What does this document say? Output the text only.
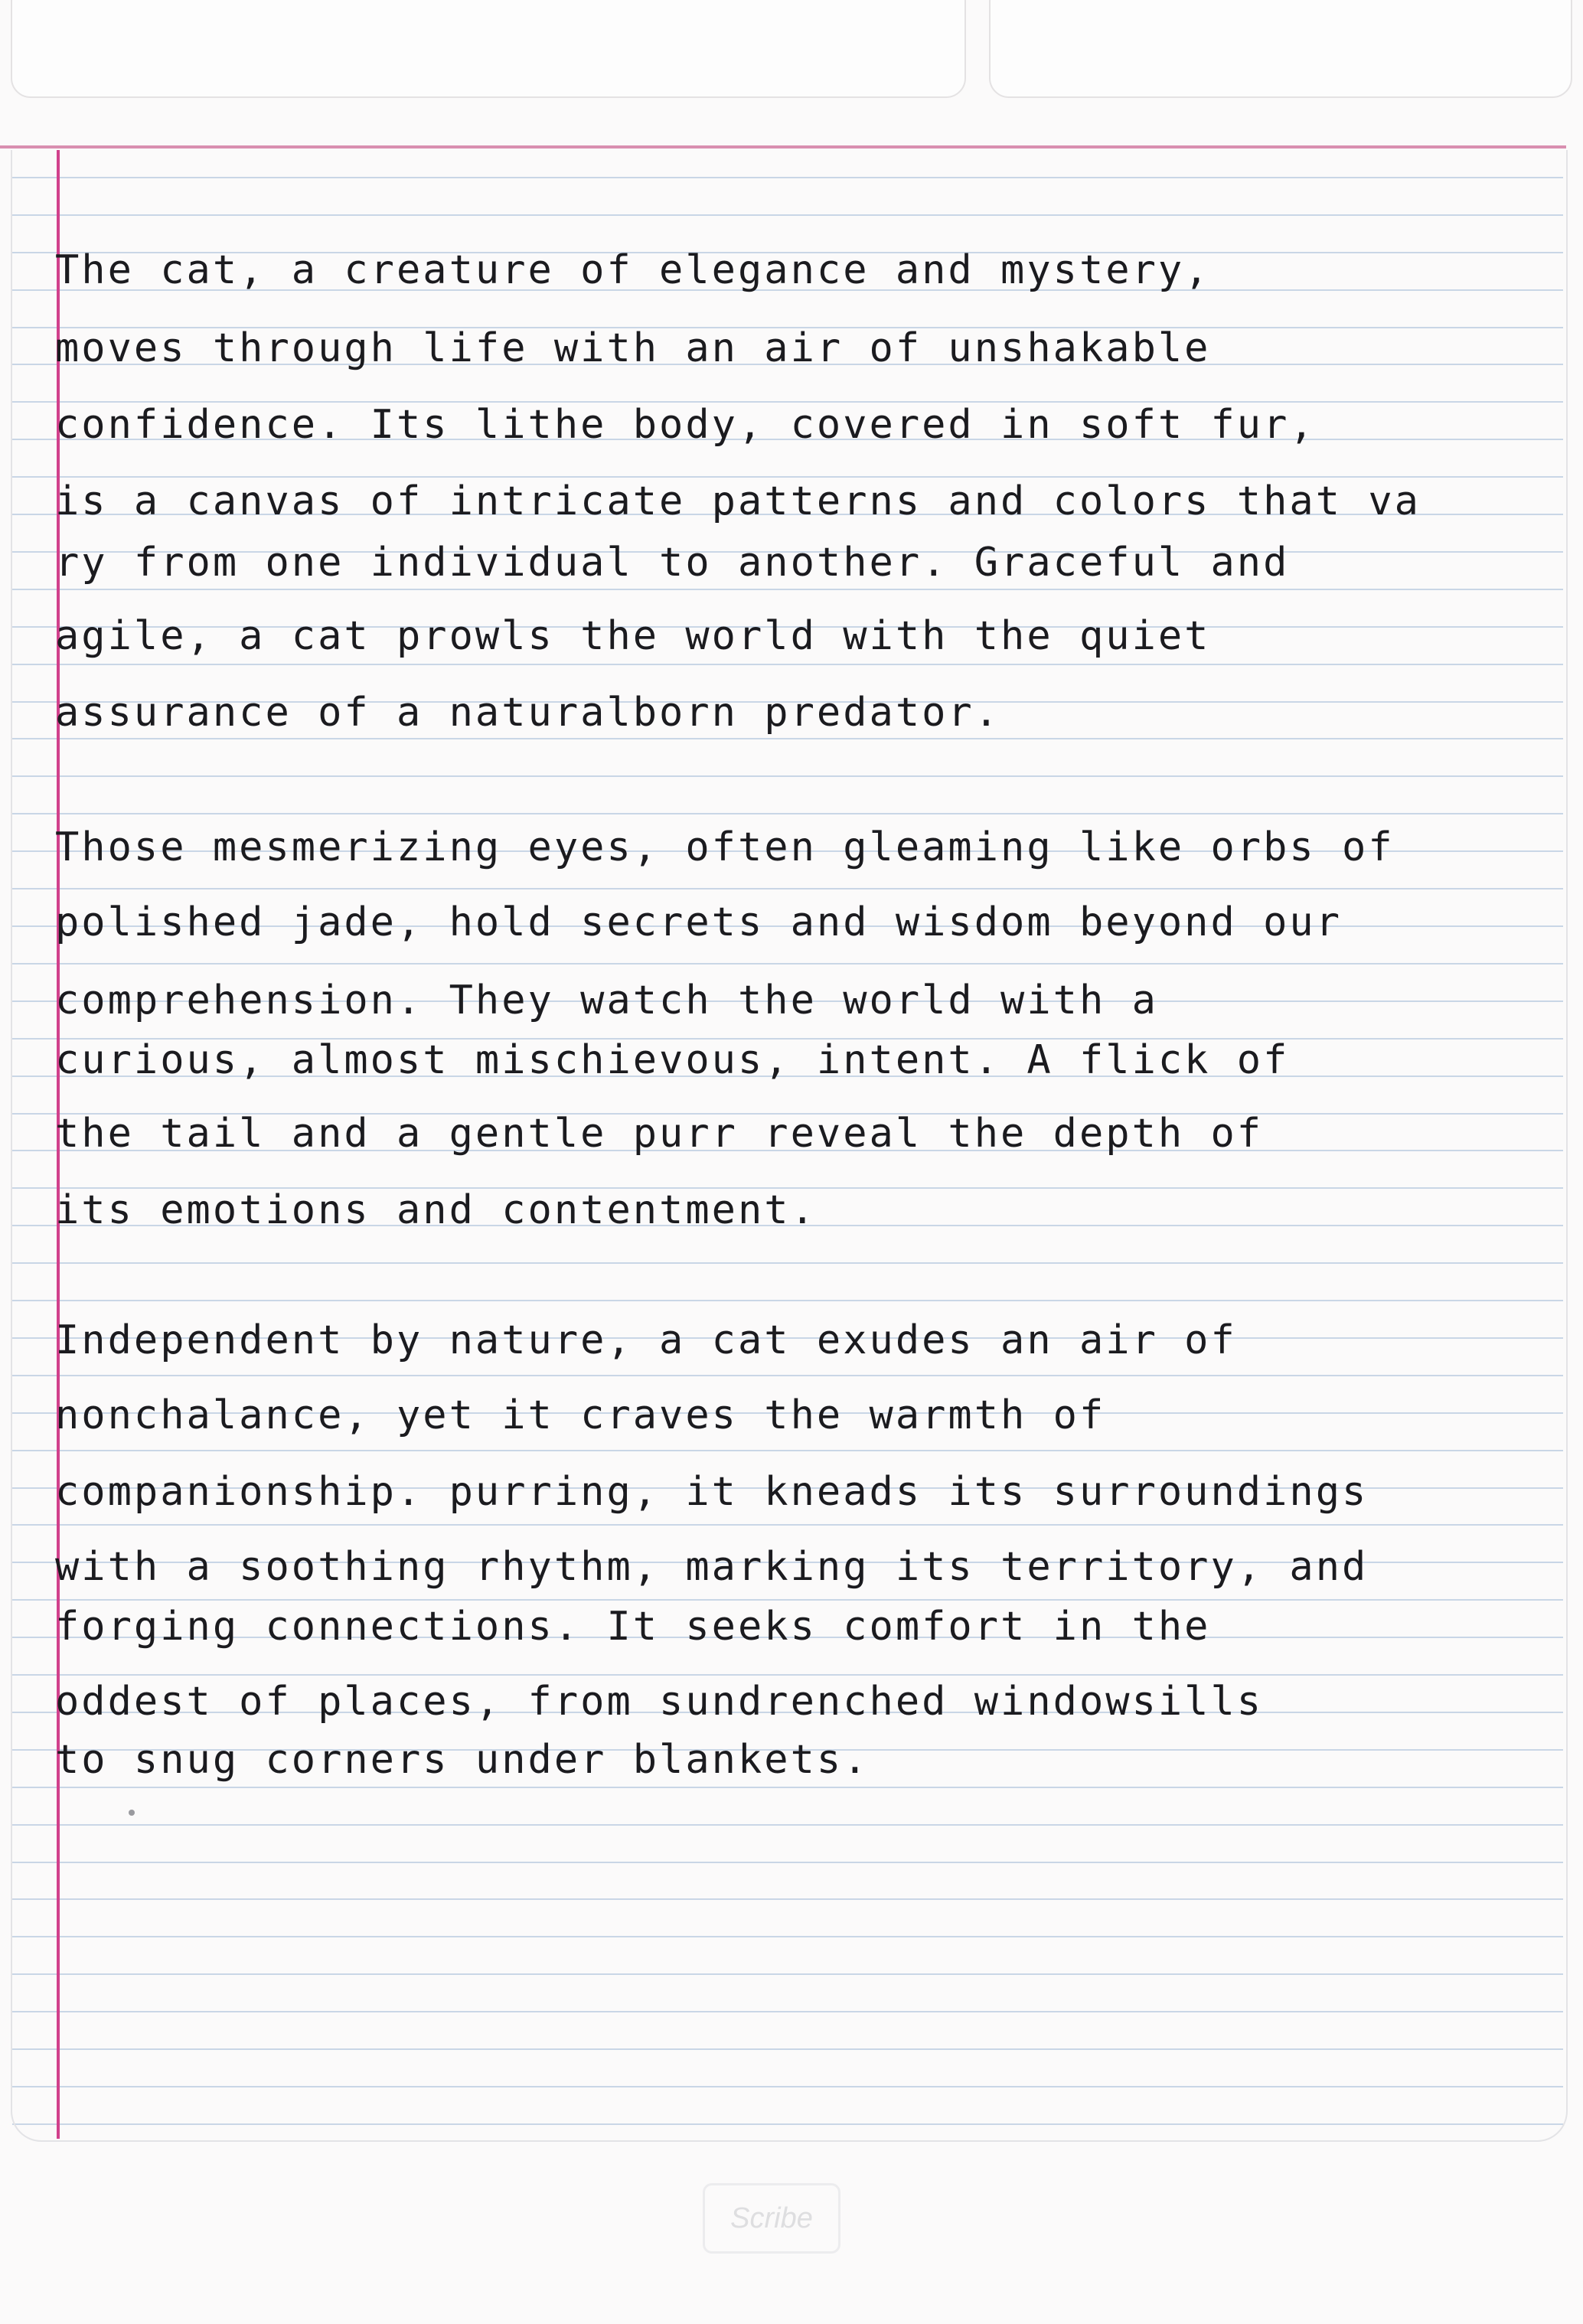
The cat, a creature of elegance and mystery,

moves through life with an air of unshakable

confidence. Its lithe body, covered in soft fur,

is a canvas of intricate patterns and colors that va

ry from one individual to another. Graceful and

agile, a cat prowls the world with the quiet

assurance of a naturalborn predator.

Those mesmerizing eyes, often gleaming like orbs of

polished jade, hold secrets and wisdom beyond our

comprehension. They watch the world with a

curious, almost mischievous, intent. A flick of

the tail and a gentle purr reveal the depth of

its emotions and contentment.

Independent by nature, a cat exudes an air of

nonchalance, yet it craves the warmth of

companionship. purring, it kneads its surroundings

with a soothing rhythm, marking its territory, and

forging connections. It seeks comfort in the

oddest of places, from sundrenched windowsills

to snug corners under blankets.

Scribe
